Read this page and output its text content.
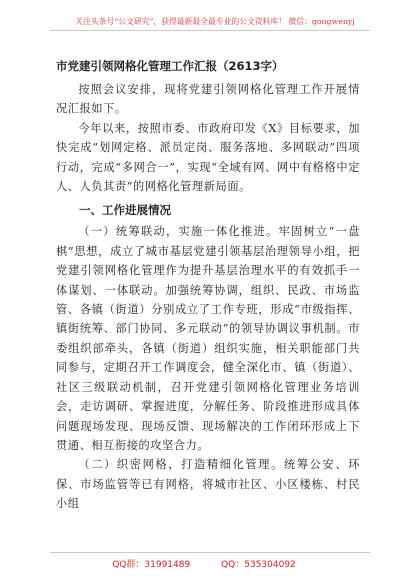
关注头条号“公文研究”，获得最新最全最专业的公文资料库！ 微信：gongwenyj
市党建引领网格化管理工作汇报（2613字）

按照会议安排，现将党建引领网格化管理工作开展情况汇报如下。

今年以来，按照市委、市政府印发《X》目标要求，加快完成“划网定格、派员定岗、服务落地、多网联动”四项行动，完成“多网合一”，实现“全域有网、网中有格格中定人、人负其责”的网格化管理新局面。

一、工作进展情况

（一）统筹联动，实施一体化推进。牢固树立“一盘棋”思想，成立了城市基层党建引领基层治理领导小组，把党建引领网格化管理作为提升基层治理水平的有效抓手一体谋划、一体联动。加强统筹协调，组织、民政、市场监管、各镇（街道）分别成立了工作专班，形成“市级指挥、镇街统筹、部门协同、多元联动”的领导协调议事机制。市委组织部牵头，各镇（街道）组织实施，相关职能部门共同参与，定期召开工作调度会，健全深化市、镇（街道）、社区三级联动机制，召开党建引领网格化管理业务培训会，走访调研、掌握进度，分解任务、阶段推进形成具体问题现场发现、现场反馈、现场解决的工作闭环形成上下贯通、相互衔接的攻坚合力。

（二）织密网格，打造精细化管理。统筹公安、环保、市场监管等已有网格，将城市社区、小区楼栋、村民小组

QQ群：31991489	QQ：535304092
